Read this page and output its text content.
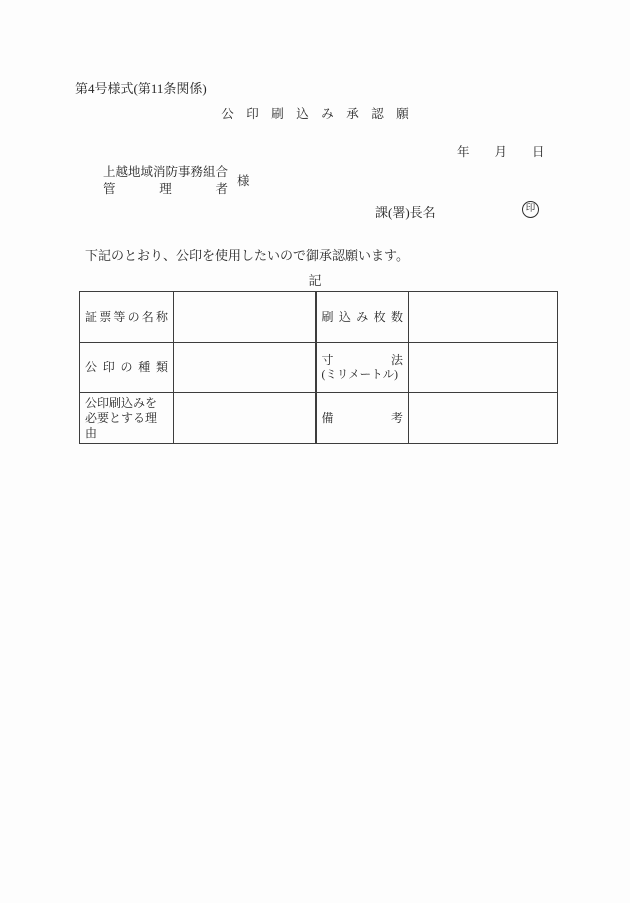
第4号様式(第11条関係)
公　印　刷　込　み　承　認　願
年　　月　　日
上越地域消防事務組合
管理者
様
課(署)長名	印
下記のとおり、公印を使用したいので御承認願います。
記
証票等の名称		刷込み枚数	
公印の種類		寸法
(ミリメートル)	

公印刷込みを必要とする理由		備考	
